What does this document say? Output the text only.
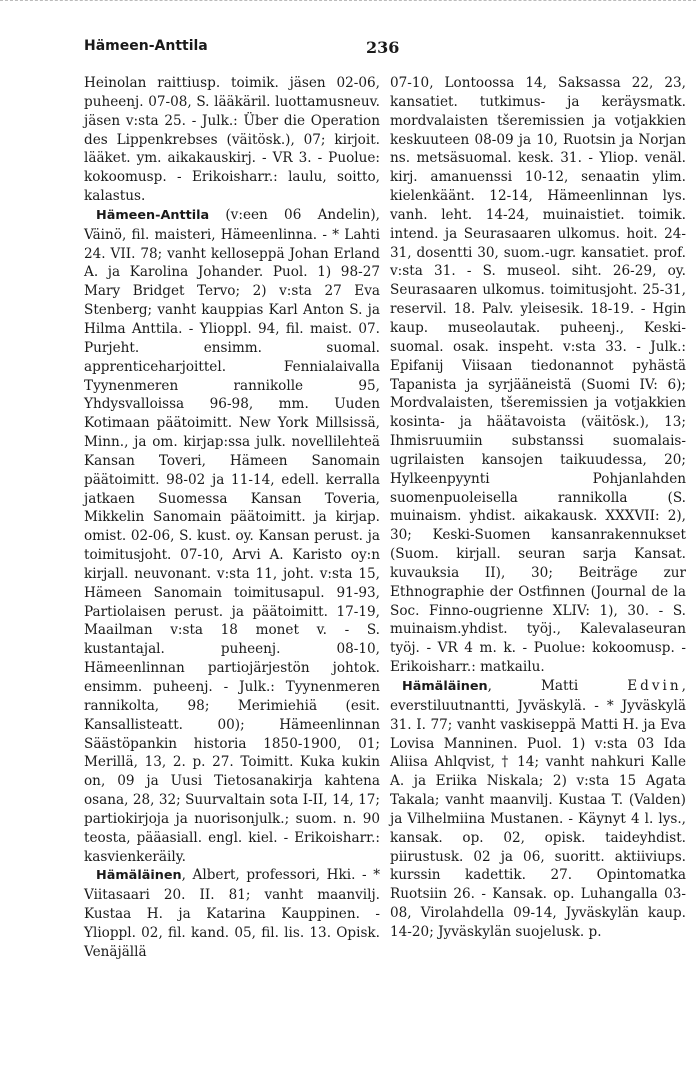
Hämeen-Anttila	236

Heinolan raittiusp. toimik. jäsen 02-06, puheenj. 07-08, S. lääkäril. luottamusneuv. jäsen v:sta 25. - Julk.: Über die Operation des Lippenkrebses (väitösk.), 07; kirjoit. lääket. ym. aikakauskirj. - VR 3. - Puolue: kokoomusp. - Erikoisharr.: laulu, soitto, kalastus.

Hämeen-Anttila (v:een 06 Andelin), Väinö, fil. maisteri, Hämeenlinna. - * Lahti 24. VII. 78; vanht kelloseppä Johan Erland A. ja Karolina Johander. Puol. 1) 98-27 Mary Bridget Tervo; 2) v:sta 27 Eva Stenberg; vanht kauppias Karl Anton S. ja Hilma Anttila. - Ylioppl. 94, fil. maist. 07. Purjeht. ensimm. suomal. apprenticeharjoittel. Fennialaivalla Tyynenmeren rannikolle 95, Yhdysvalloissa 96-98, mm. Uuden Kotimaan päätoimitt. New York Millsissä, Minn., ja om. kirjap:ssa julk. novellilehteä Kansan Toveri, Hämeen Sanomain päätoimitt. 98-02 ja 11-14, edell. kerralla jatkaen Suomessa Kansan Toveria, Mikkelin Sanomain päätoimitt. ja kirjap. omist. 02-06, S. kust. oy. Kansan perust. ja toimitusjoht. 07-10, Arvi A. Karisto oy:n kirjall. neuvonant. v:sta 11, joht. v:sta 15, Hämeen Sanomain toimitusapul. 91-93, Partiolaisen perust. ja päätoimitt. 17-19, Maailman v:sta 18 monet v. - S. kustantajal. puheenj. 08-10, Hämeenlinnan partiojärjestön johtok. ensimm. puheenj. - Julk.: Tyynenmeren rannikolta, 98; Merimiehiä (esit. Kansallisteatt. 00); Hämeenlinnan Säästöpankin historia 1850-1900, 01; Merillä, 13, 2. p. 27. Toimitt. Kuka kukin on, 09 ja Uusi Tietosanakirja kahtena osana, 28, 32; Suurvaltain sota I-II, 14, 17; partiokirjoja ja nuorisonjulk.; suom. n. 90 teosta, pääasiall. engl. kiel. - Erikoisharr.: kasvienkeräily.

Hämäläinen, Albert, professori, Hki. - * Viitasaari 20. II. 81; vanht maanvilj. Kustaa H. ja Katarina Kauppinen. - Ylioppl. 02, fil. kand. 05, fil. lis. 13. Opisk. Venäjällä

07-10, Lontoossa 14, Saksassa 22, 23, kansatiet. tutkimus- ja keräysmatk. mordvalaisten tšeremissien ja votjakkien keskuuteen 08-09 ja 10, Ruotsin ja Norjan ns. metsäsuomal. kesk. 31. - Yliop. venäl. kirj. amanuenssi 10-12, senaatin ylim. kielenkäänt. 12-14, Hämeenlinnan lys. vanh. leht. 14-24, muinaistiet. toimik. intend. ja Seurasaaren ulkomus. hoit. 24-31, dosentti 30, suom.-ugr. kansatiet. prof. v:sta 31. - S. museol. siht. 26-29, oy. Seurasaaren ulkomus. toimitusjoht. 25-31, reservil. 18. Palv. yleisesik. 18-19. - Hgin kaup. museolautak. puheenj., Keski-suomal. osak. inspeht. v:sta 33. - Julk.: Epifanij Viisaan tiedonannot pyhästä Tapanista ja syrjääneistä (Suomi IV: 6); Mordvalaisten, tšeremissien ja votjakkien kosinta- ja häätavoista (väitösk.), 13; Ihmisruumiin substanssi suomalais-ugrilaisten kansojen taikuudessa, 20; Hylkeenpyynti Pohjanlahden suomenpuoleisella rannikolla (S. muinaism. yhdist. aikakausk. XXXVII: 2), 30; Keski-Suomen kansanrakennukset (Suom. kirjall. seuran sarja Kansat. kuvauksia II), 30; Beiträge zur Ethnographie der Ostfinnen (Journal de la Soc. Finno-ougrienne XLIV: 1), 30. - S. muinaism.yhdist. työj., Kalevalaseuran työj. - VR 4 m. k. - Puolue: kokoomusp. - Erikoisharr.: matkailu.

Hämäläinen, Matti Edvin, everstiluutnantti, Jyväskylä. - * Jyväskylä 31. I. 77; vanht vaskiseppä Matti H. ja Eva Lovisa Manninen. Puol. 1) v:sta 03 Ida Aliisa Ahlqvist, † 14; vanht nahkuri Kalle A. ja Eriika Niskala; 2) v:sta 15 Agata Takala; vanht maanvilj. Kustaa T. (Valden) ja Vilhelmiina Mustanen. - Käynyt 4 l. lys., kansak. op. 02, opisk. taideyhdist. piirustusk. 02 ja 06, suoritt. aktiiviups. kurssin kadettik. 27. Opintomatka Ruotsiin 26. - Kansak. op. Luhangalla 03-08, Virolahdella 09-14, Jyväskylän kaup. 14-20; Jyväskylän suojelusk. p.
